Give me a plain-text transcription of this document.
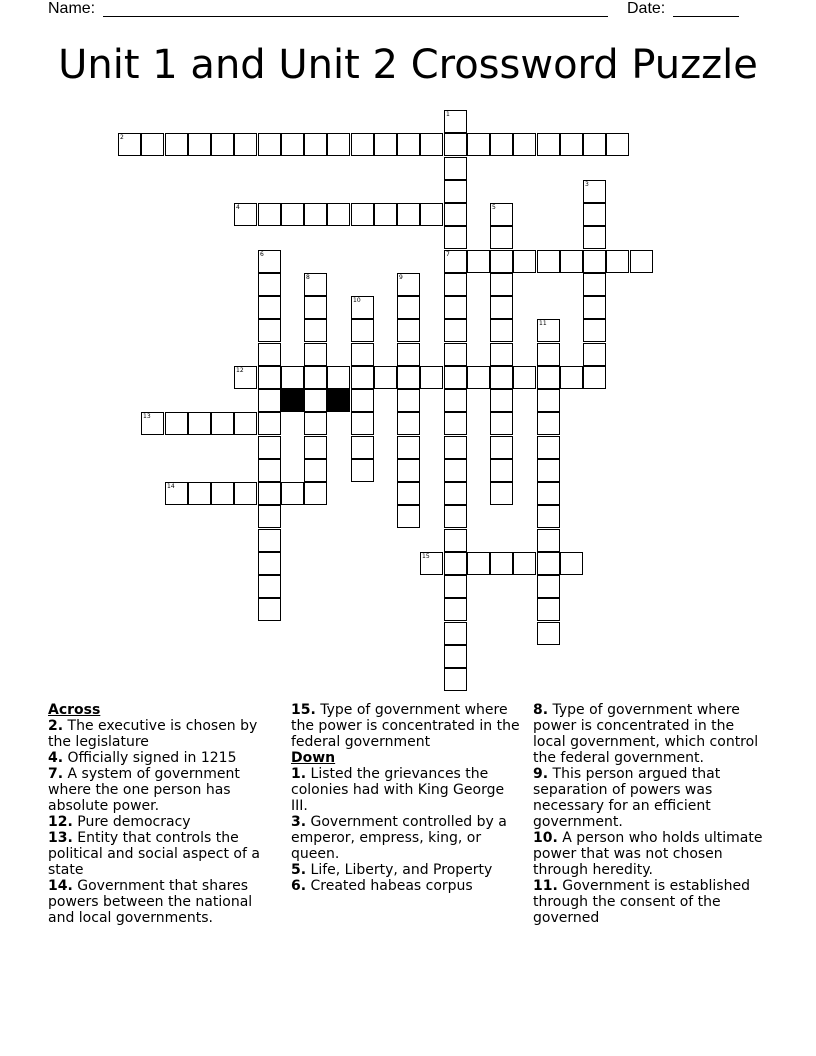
Name:	Date:
Unit 1 and Unit 2 Crossword Puzzle
1
7
2
3
4	5
6
8	9
10
11
12
13
14
15
Across
2. The executive is chosen by the legislature
4. Officially signed in 1215
7. A system of government where the one person has absolute power.
12. Pure democracy
13. Entity that controls the political and social aspect of a state
14. Government that shares powers between the national and local governments.
15. Type of government where the power is concentrated in the federal government
Down
1. Listed the grievances the colonies had with King George III.
3. Government controlled by a emperor, empress, king, or queen.
5. Life, Liberty, and Property
6. Created habeas corpus
8. Type of government where power is concentrated in the local government, which control the federal government.
9. This person argued that separation of powers was necessary for an efficient government.
10. A person who holds ultimate power that was not chosen through heredity.
11. Government is established through the consent of the governed
